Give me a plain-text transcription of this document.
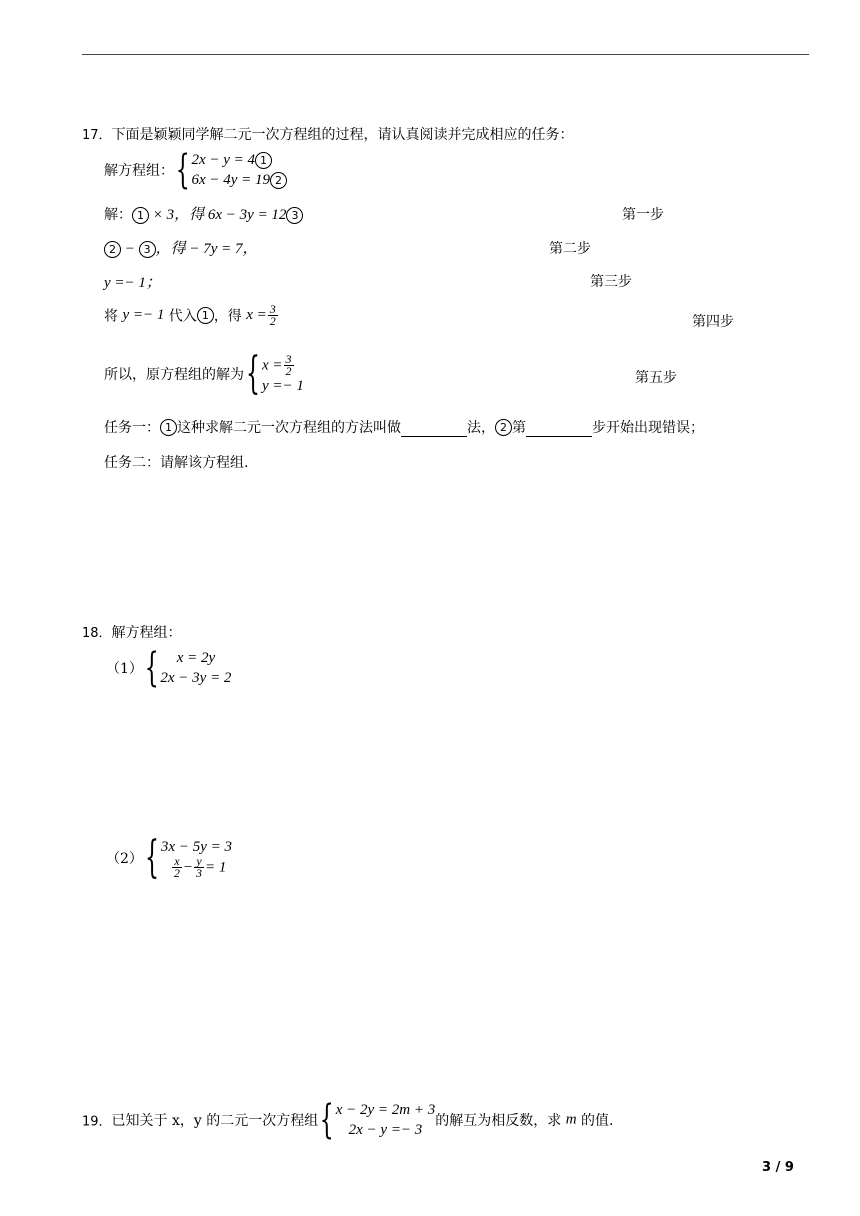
17．下面是颖颖同学解二元一次方程组的过程，请认真阅读并完成相应的任务：
解方程组：{ 2x − y = 4 1
6x − 4y = 19 2
解： 1 × 3，得 6x − 3y = 12 3	第一步
2 − 3 ，得 − 7y = 7，	第二步
y =− 1；	第三步
将 y =− 1 代入 1 ，得 $x = \frac{3}{2}$	第四步
所以，原方程组的解为{ $x = \frac{3}{2}$
y =− 1	第五步
任务一： 1 这种求解二元一次方程组的方法叫做	法， 2 第	步开始出现错误；
任务二：请解该方程组.
18．解方程组：
（1）{	x = 2y
2x − 3y = 2
（2）{ 3x − 5y = 3
$\frac{x}{2} - \frac{y}{3} = 1$
19．已知关于 x，y 的二元一次方程组{ x − 2y = 2m + 3
2x − y =− 3
的解互为相反数，求 m 的值.
3 / 9
